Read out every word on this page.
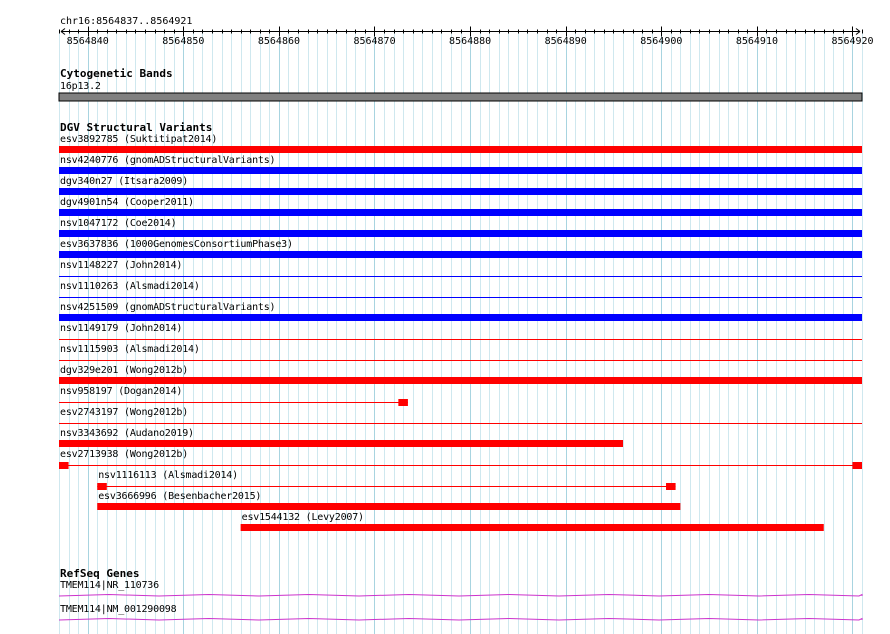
chr16:8564837..8564921
8564840	8564850	8564860	8564870	8564880	8564890	8564900	8564910	8564920
Cytogenetic Bands
16p13.2
DGV Structural Variants
esv3892785 (Suktitipat2014)
nsv4240776 (gnomADStructuralVariants)
dgv340n27 (Itsara2009)
dgv4901n54 (Cooper2011)
nsv1047172 (Coe2014)
esv3637836 (1000GenomesConsortiumPhase3)
nsv1148227 (John2014)
nsv1110263 (Alsmadi2014)
nsv4251509 (gnomADStructuralVariants)
nsv1149179 (John2014)
nsv1115903 (Alsmadi2014)
dgv329e201 (Wong2012b)
nsv958197 (Dogan2014)
esv2743197 (Wong2012b)
nsv3343692 (Audano2019)
esv2713938 (Wong2012b)
nsv1116113 (Alsmadi2014)
esv3666996 (Besenbacher2015)
esv1544132 (Levy2007)
RefSeq Genes
TMEM114|NR_110736
TMEM114|NM_001290098
